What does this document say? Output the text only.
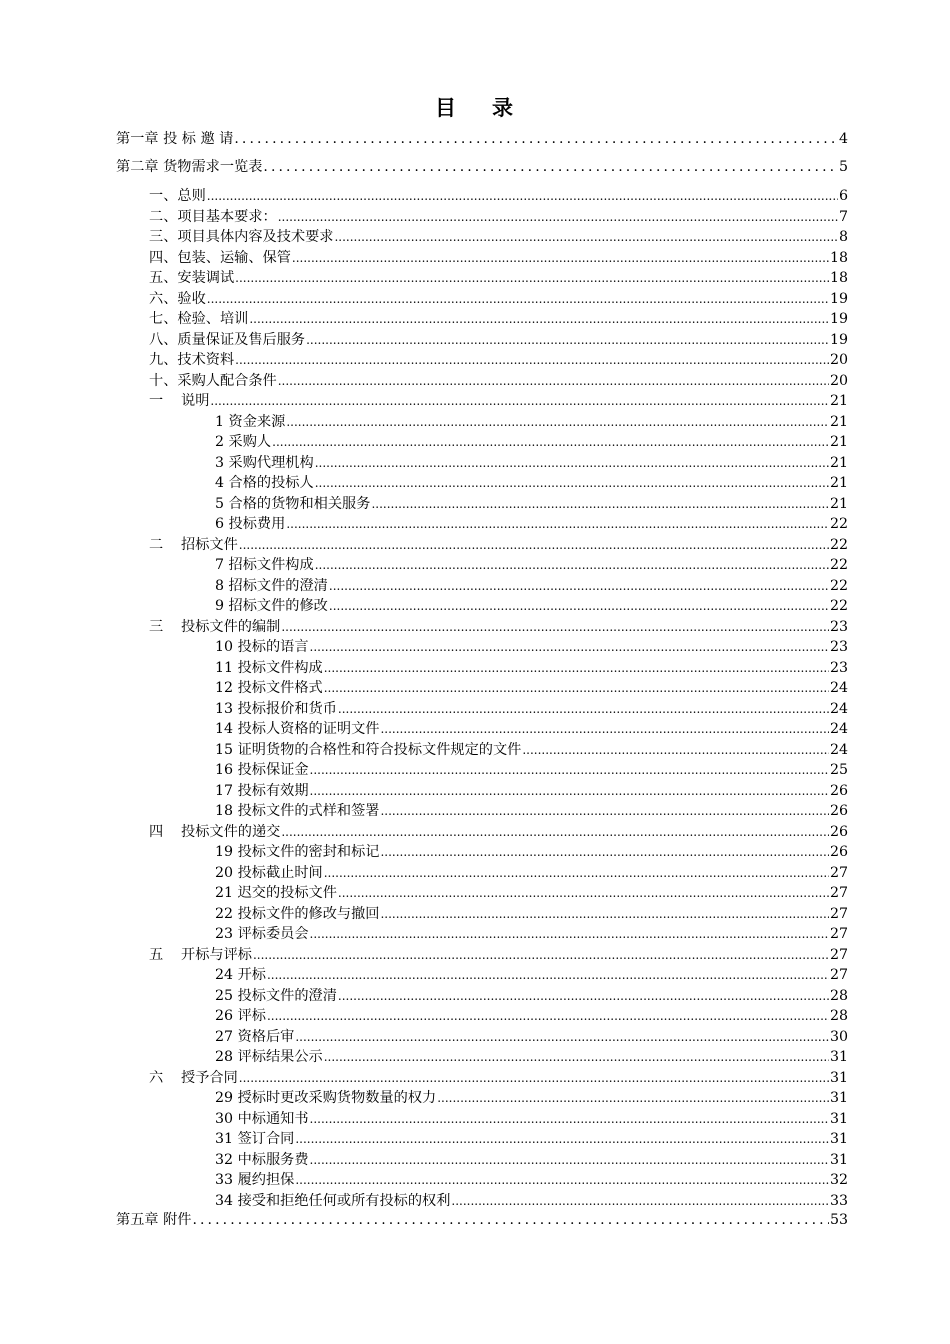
目 录
第一章 投 标 邀 请 .....	4
第二章 货物需求一览表 .....	5
一、总则 .....	6
二、项目基本要求： .....	7
三、项目具体内容及技术要求 .....	8
四、包装、运输、保管 .....	18
五、安装调试 .....	18
六、验收 .....	19
七、检验、培训 .....	19
八、质量保证及售后服务 .....	19
九、技术资料 .....	20
十、采购人配合条件 .....	20
一 说明 .....	21
1 资金来源 .....	21
2 采购人 .....	21
3 采购代理机构 .....	21
4 合格的投标人 .....	21
5 合格的货物和相关服务 .....	21
6 投标费用 .....	22
二 招标文件 .....	22
7 招标文件构成 .....	22
8 招标文件的澄清 .....	22
9 招标文件的修改 .....	22
三 投标文件的编制 .....	23
10 投标的语言 .....	23
11 投标文件构成 .....	23
12 投标文件格式 .....	24
13 投标报价和货币 .....	24
14 投标人资格的证明文件 .....	24
15 证明货物的合格性和符合投标文件规定的文件 .....	24
16 投标保证金 .....	25
17 投标有效期 .....	26
18 投标文件的式样和签署 .....	26
四 投标文件的递交 .....	26
19 投标文件的密封和标记 .....	26
20 投标截止时间 .....	27
21 迟交的投标文件 .....	27
22 投标文件的修改与撤回 .....	27
23 评标委员会 .....	27
五 开标与评标 .....	27
24 开标 .....	27
25 投标文件的澄清 .....	28
26 评标 .....	28
27 资格后审 .....	30
28 评标结果公示 .....	31
六 授予合同 .....	31
29 授标时更改采购货物数量的权力 .....	31
30 中标通知书 .....	31
31 签订合同 .....	31
32 中标服务费 .....	31
33 履约担保 .....	32
34 接受和拒绝任何或所有投标的权利 .....	33
第五章 附件 .....	53
